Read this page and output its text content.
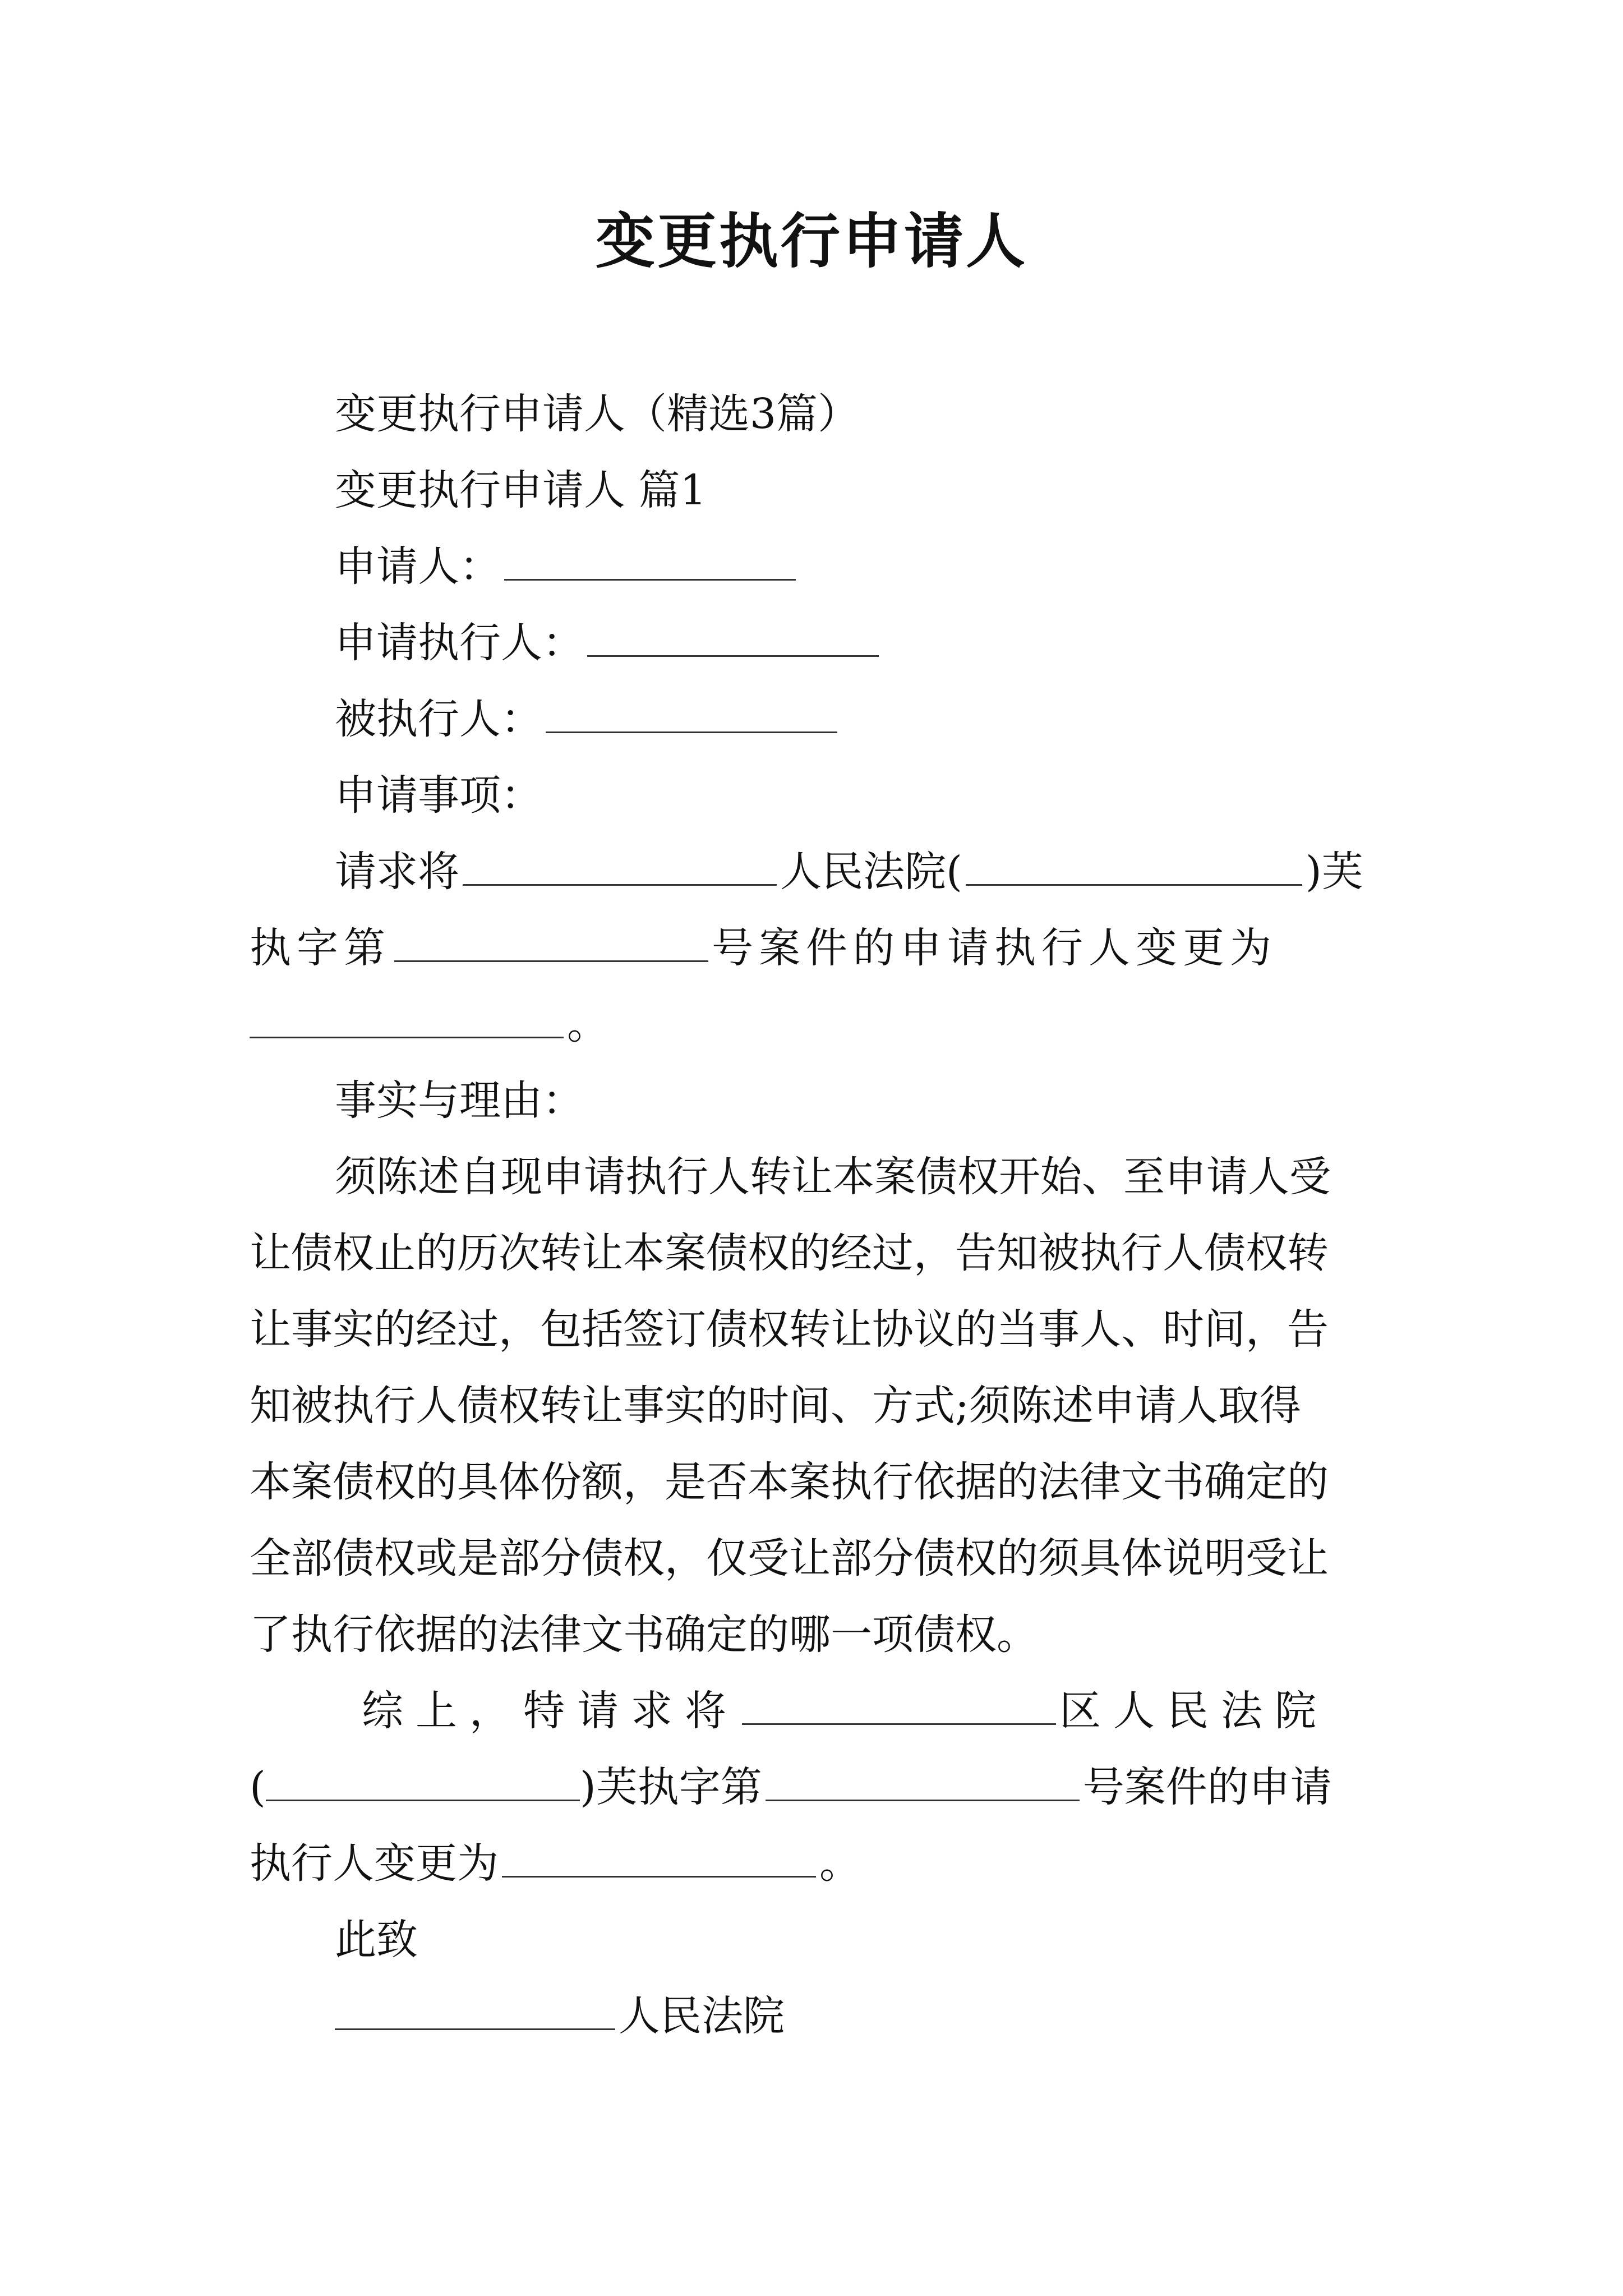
变更执行申请人
变更执行申请人（精选3篇）
变更执行申请人 篇1
申请人：
申请执行人：
被执行人：
申请事项：
请求将	人民法院(	)芙
执字第	号案件的申请执行人变更为
。
事实与理由：
须陈述自现申请执行人转让本案债权开始、至申请人受
让债权止的历次转让本案债权的经过，告知被执行人债权转
让事实的经过，包括签订债权转让协议的当事人、时间，告
知被执行人债权转让事实的时间、方式;须陈述申请人取得
本案债权的具体份额，是否本案执行依据的法律文书确定的
全部债权或是部分债权，仅受让部分债权的须具体说明受让
了执行依据的法律文书确定的哪一项债权。
综上，特请求将	区人民法院
(	)芙执字第	号案件的申请
执行人变更为	。
此致
人民法院
